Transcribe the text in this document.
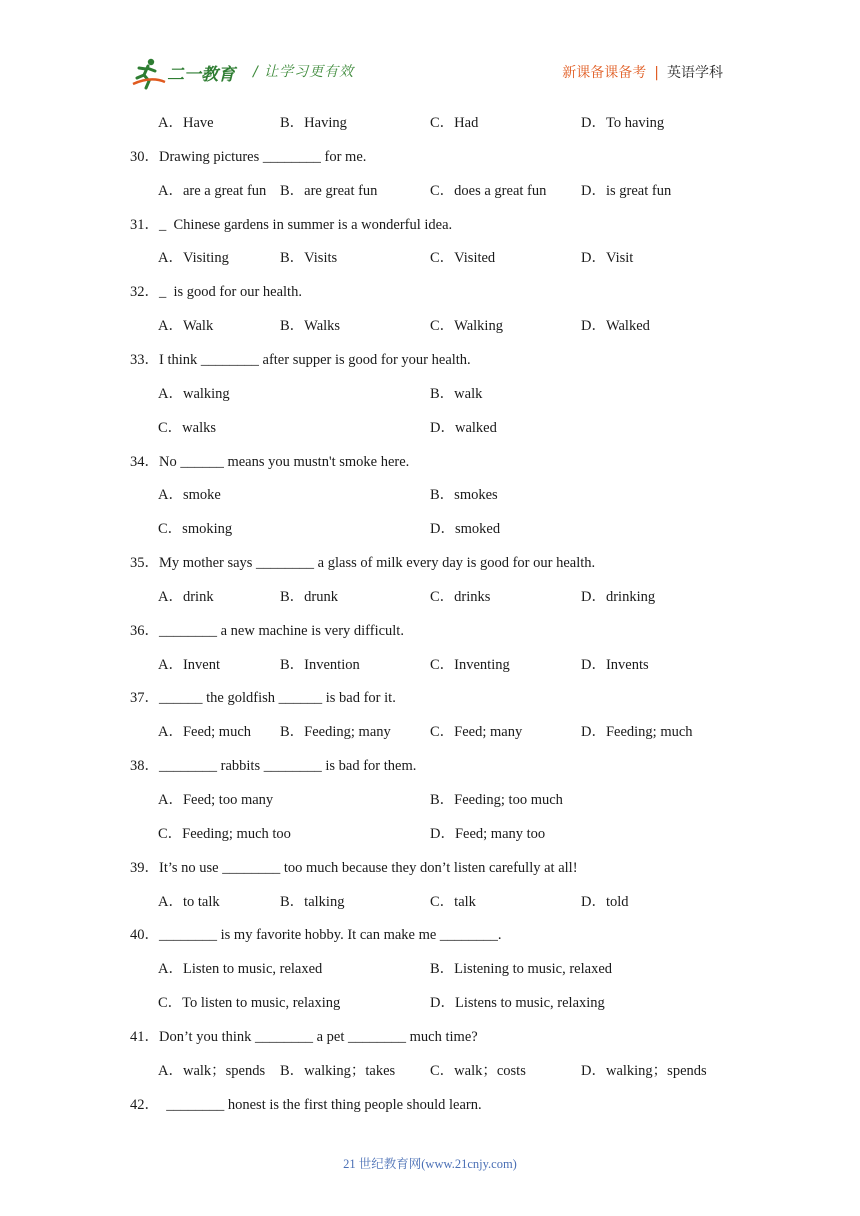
二一教育 / 让学习更有效	新课备课备考 | 英语学科
A．Have	B．Having	C．Had	D．To having
30．Drawing pictures ________ for me.
A．are a great fun B．are great fun	C．does a great fun D．is great fun
31．_  Chinese gardens in summer is a wonderful idea.
A．Visiting	B．Visits	C．Visited	D．Visit
32．_  is good for our health.
A．Walk	B．Walks	C．Walking	D．Walked
33．I think ________ after supper is good for your health.
A．walking	B．walk
C．walks	D．walked
34．No ______ means you mustn't smoke here.
A．smoke	B．smokes
C．smoking	D．smoked
35．My mother says ________ a glass of milk every day is good for our health.
A．drink	B．drunk	C．drinks	D．drinking
36．________ a new machine is very difficult.
A．Invent	B．Invention	C．Inventing	D．Invents
37．______ the goldfish ______ is bad for it.
A．Feed; much B．Feeding; many	C．Feed; many	D．Feeding; much
38．________ rabbits ________ is bad for them.
A．Feed; too many	B．Feeding; too much
C．Feeding; much too	D．Feed; many too
39．It’s no use ________ too much because they don’t listen carefully at all!
A．to talk	B．talking	C．talk	D．told
40．________ is my favorite hobby. It can make me ________.
A．Listen to music, relaxed	B．Listening to music, relaxed
C．To listen to music, relaxing	D．Listens to music, relaxing
41．Don’t you think ________ a pet ________ much time?
A．walk；spends B．walking；takes C．walk；costs	D．walking；spends
42．  ________ honest is the first thing people should learn.
21 世纪教育网(www.21cnjy.com)
